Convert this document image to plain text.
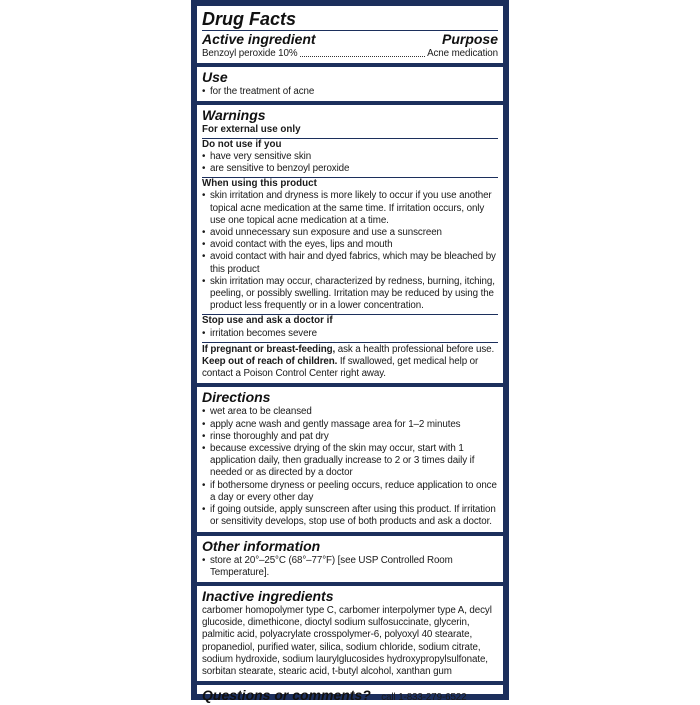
Drug Facts
Active ingredient	Purpose
Benzoyl peroxide 10%	Acne medication
Use
• for the treatment of acne
Warnings
For external use only
Do not use if you
• have very sensitive skin
• are sensitive to benzoyl peroxide
When using this product
• skin irritation and dryness is more likely to occur if you use another topical acne medication at the same time. If irritation occurs, only use one topical acne medication at a time.
• avoid unnecessary sun exposure and use a sunscreen
• avoid contact with the eyes, lips and mouth
• avoid contact with hair and dyed fabrics, which may be bleached by this product
• skin irritation may occur, characterized by redness, burning, itching, peeling, or possibly swelling. Irritation may be reduced by using the product less frequently or in a lower concentration.
Stop use and ask a doctor if
• irritation becomes severe
If pregnant or breast-feeding, ask a health professional before use.
Keep out of reach of children. If swallowed, get medical help or contact a Poison Control Center right away.
Directions
• wet area to be cleansed
• apply acne wash and gently massage area for 1–2 minutes
• rinse thoroughly and pat dry
• because excessive drying of the skin may occur, start with 1 application daily, then gradually increase to 2 or 3 times daily if needed or as directed by a doctor
• if bothersome dryness or peeling occurs, reduce application to once a day or every other day
• if going outside, apply sunscreen after using this product. If irritation or sensitivity develops, stop use of both products and ask a doctor.
Other information
• store at 20°–25°C (68°–77°F) [see USP Controlled Room Temperature].
Inactive ingredients
carbomer homopolymer type C, carbomer interpolymer type A, decyl glucoside, dimethicone, dioctyl sodium sulfosuccinate, glycerin, palmitic acid, polyacrylate crosspolymer-6, polyoxyl 40 stearate, propanediol, purified water, silica, sodium chloride, sodium citrate, sodium hydroxide, sodium laurylglucosides hydroxypropylsulfonate, sorbitan stearate, stearic acid, t-butyl alcohol, xanthan gum
Questions or comments? call 1-833-279-6522
